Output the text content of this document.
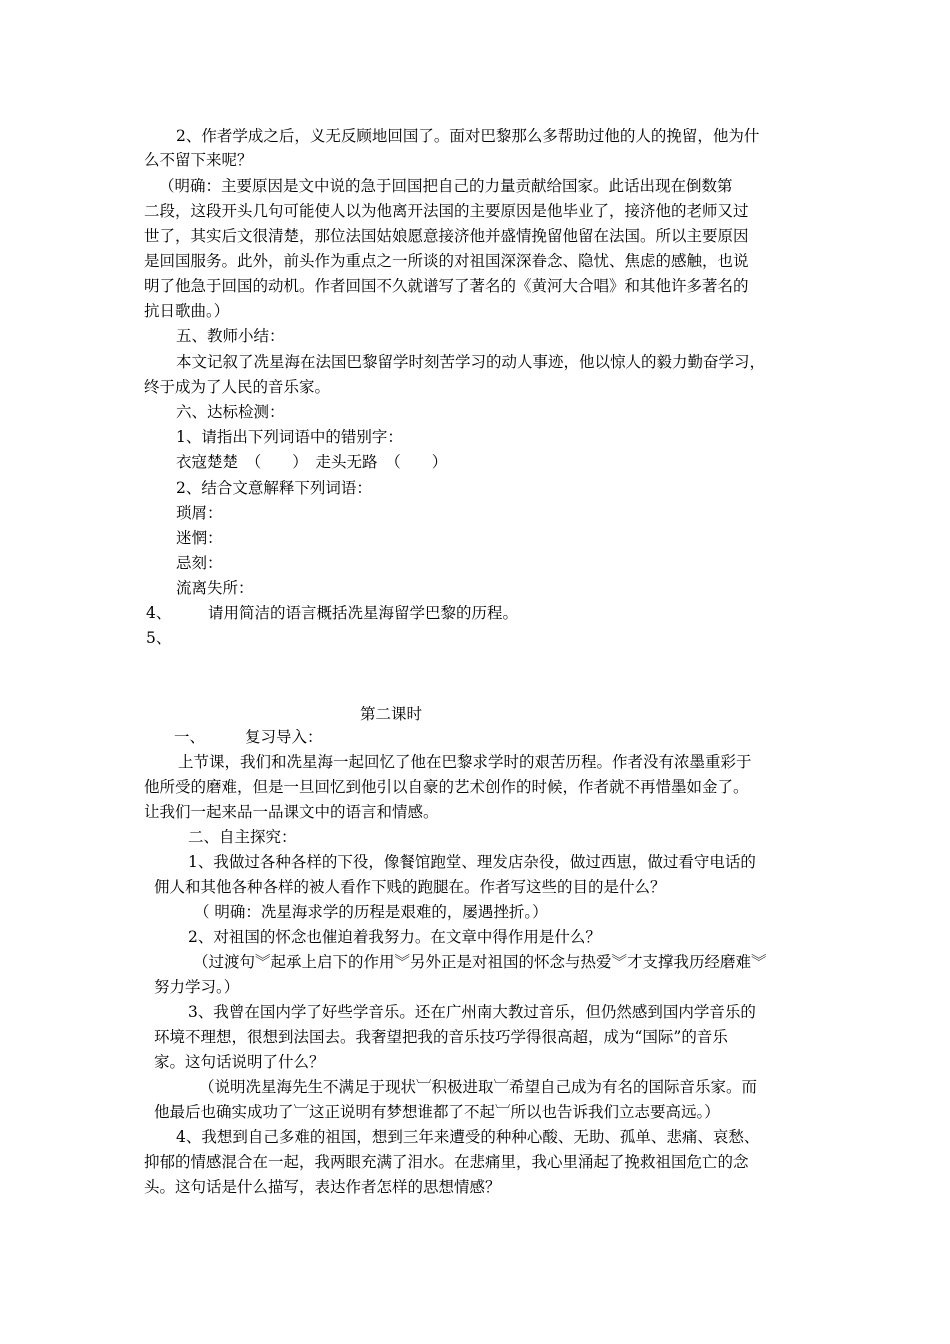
2、作者学成之后，义无反顾地回国了。面对巴黎那么多帮助过他的人的挽留，他为什
么不留下来呢？
（明确：主要原因是文中说的急于回国把自己的力量贡献给国家。此话出现在倒数第
二段，这段开头几句可能使人以为他离开法国的主要原因是他毕业了，接济他的老师又过
世了，其实后文很清楚，那位法国姑娘愿意接济他并盛情挽留他留在法国。所以主要原因
是回国服务。此外，前头作为重点之一所谈的对祖国深深眷念、隐忧、焦虑的感触，也说
明了他急于回国的动机。作者回国不久就谱写了著名的《黄河大合唱》和其他许多著名的
抗日歌曲。）
五、教师小结：
本文记叙了冼星海在法国巴黎留学时刻苦学习的动人事迹，他以惊人的毅力勤奋学习，
终于成为了人民的音乐家。
六、达标检测：
1、请指出下列词语中的错别字：
衣寇楚楚　（　　）　走头无路　（　　）
2、结合文意解释下列词语：
琐屑：
迷惘：
忌刻：
流离失所：
4、 请用简洁的语言概括冼星海留学巴黎的历程。
5、
第二课时
一、	复习导入：
上节课，我们和冼星海一起回忆了他在巴黎求学时的艰苦历程。作者没有浓墨重彩于
他所受的磨难，但是一旦回忆到他引以自豪的艺术创作的时候，作者就不再惜墨如金了。
让我们一起来品一品课文中的语言和情感。
二、自主探究：
1、我做过各种各样的下役，像餐馆跑堂、理发店杂役，做过西崽，做过看守电话的
佣人和其他各种各样的被人看作下贱的跑腿在。作者写这些的目的是什么？
（ 明确：冼星海求学的历程是艰难的，屡遇挫折。）
2、对祖国的怀念也催迫着我努力。在文章中得作用是什么？
（过渡句︾起承上启下的作用︾另外正是对祖国的怀念与热爱︾才支撑我历经磨难︾
努力学习。）
3、我曾在国内学了好些学音乐。还在广州南大教过音乐，但仍然感到国内学音乐的
环境不理想，很想到法国去。我奢望把我的音乐技巧学得很高超，成为“国际”的音乐
家。这句话说明了什么？
（说明冼星海先生不满足于现状︺积极进取︺希望自己成为有名的国际音乐家。而
他最后也确实成功了︺这正说明有梦想谁都了不起︺所以也告诉我们立志要高远。）
4、我想到自己多难的祖国，想到三年来遭受的种种心酸、无助、孤单、悲痛、哀愁、
抑郁的情感混合在一起，我两眼充满了泪水。在悲痛里，我心里涌起了挽救祖国危亡的念
头。这句话是什么描写，表达作者怎样的思想情感？
